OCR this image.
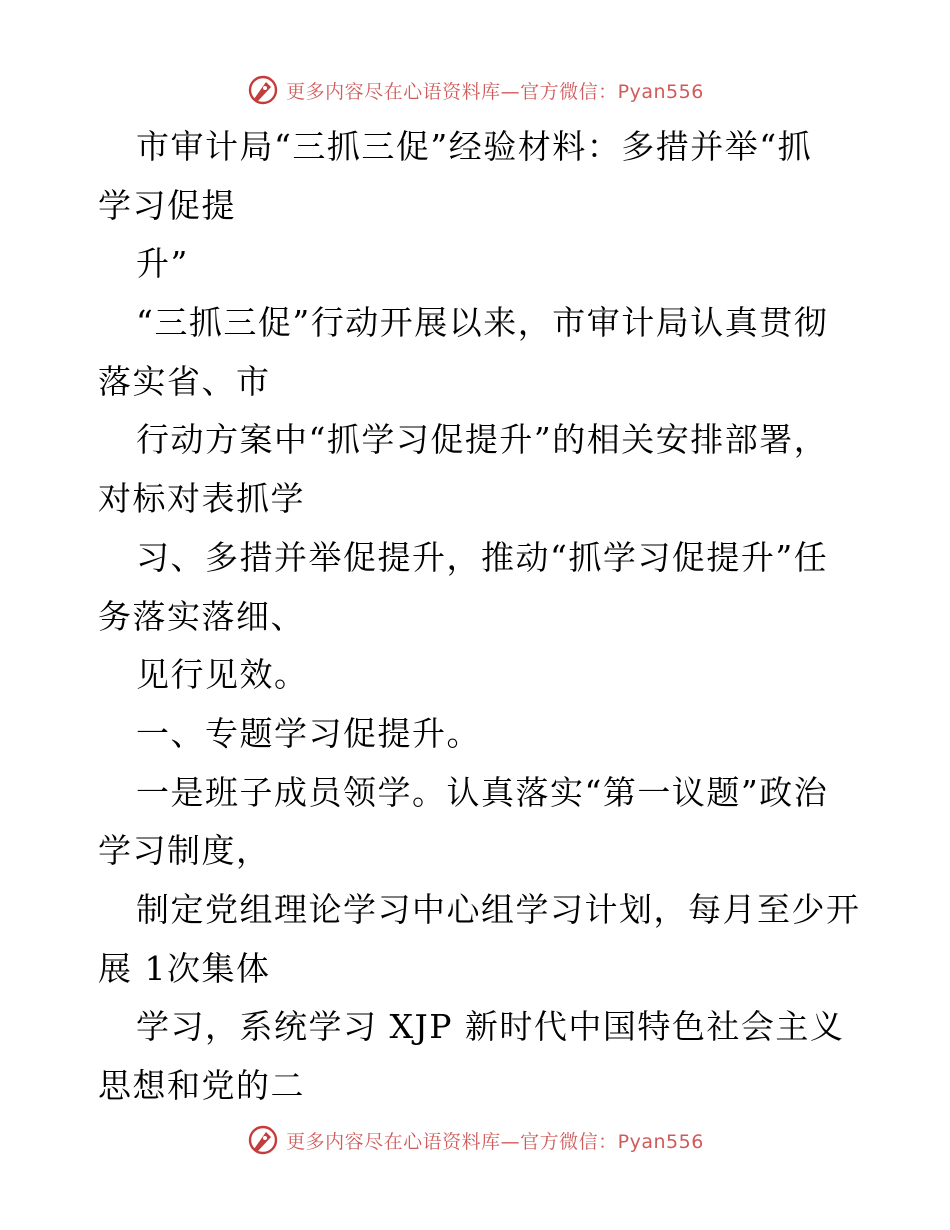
更多内容尽在心语资料库—官方微信：Pyan556
市审计局“三抓三促”经验材料：多措并举“抓
学习促提
升”
“三抓三促”行动开展以来，市审计局认真贯彻
落实省、市
行动方案中“抓学习促提升”的相关安排部署，
对标对表抓学
习、多措并举促提升，推动“抓学习促提升”任
务落实落细、
见行见效。
一、专题学习促提升。
一是班子成员领学。认真落实“第一议题”政治
学习制度，
制定党组理论学习中心组学习计划，每月至少开
展 1次集体
学习，系统学习 XJP 新时代中国特色社会主义
思想和党的二
更多内容尽在心语资料库—官方微信：Pyan556
